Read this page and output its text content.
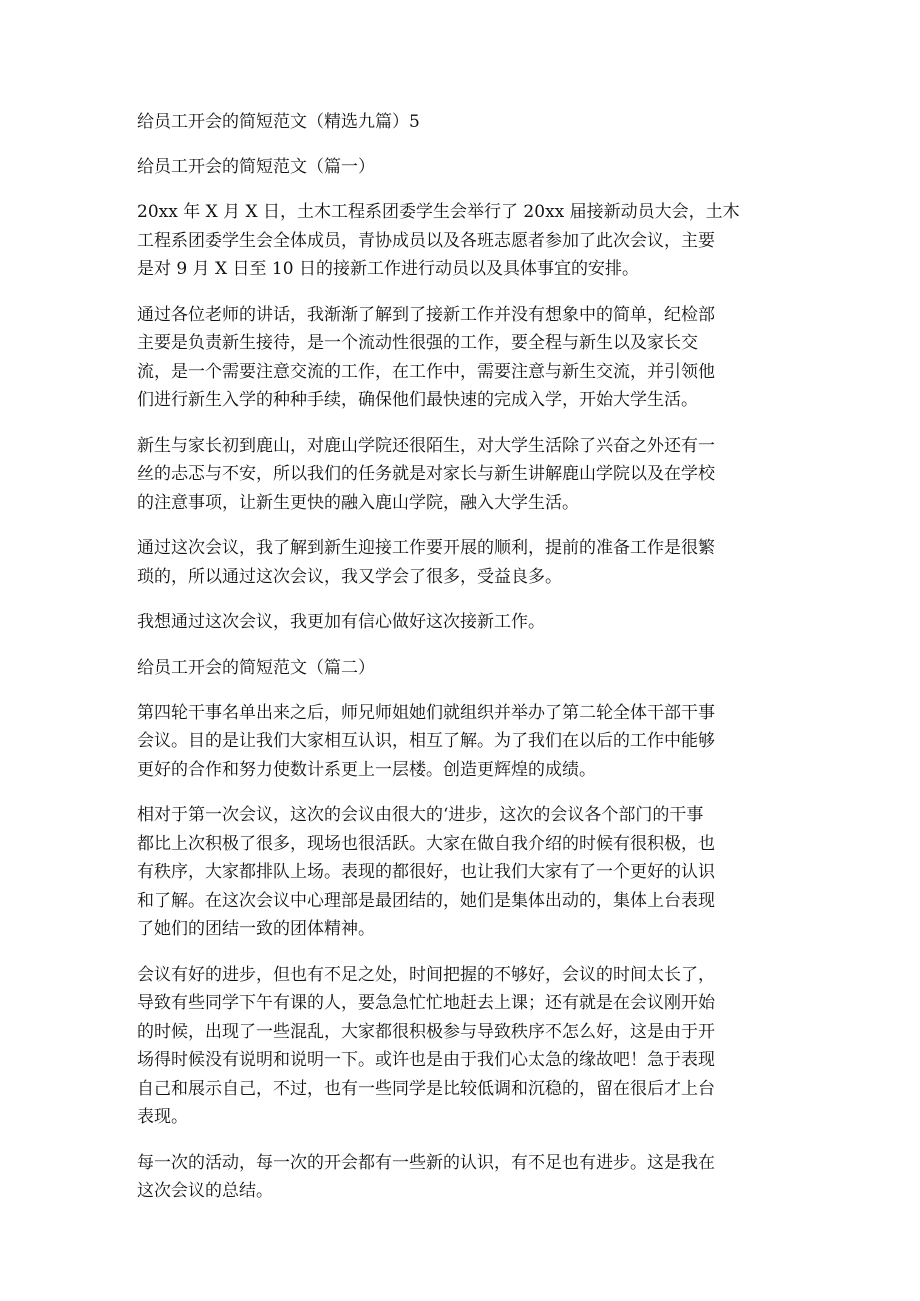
给员工开会的简短范文（精选九篇）5
给员工开会的简短范文（篇一）

20xx 年 X 月 X 日，土木工程系团委学生会举行了 20xx 届接新动员大会，土木
工程系团委学生会全体成员，青协成员以及各班志愿者参加了此次会议，主要
是对 9 月 X 日至 10 日的接新工作进行动员以及具体事宜的安排。

通过各位老师的讲话，我渐渐了解到了接新工作并没有想象中的简单，纪检部
主要是负责新生接待，是一个流动性很强的工作，要全程与新生以及家长交
流，是一个需要注意交流的工作，在工作中，需要注意与新生交流，并引领他
们进行新生入学的种种手续，确保他们最快速的完成入学，开始大学生活。

新生与家长初到鹿山，对鹿山学院还很陌生，对大学生活除了兴奋之外还有一
丝的忐忑与不安，所以我们的任务就是对家长与新生讲解鹿山学院以及在学校
的注意事项，让新生更快的融入鹿山学院，融入大学生活。

通过这次会议，我了解到新生迎接工作要开展的顺利，提前的准备工作是很繁
琐的，所以通过这次会议，我又学会了很多，受益良多。

我想通过这次会议，我更加有信心做好这次接新工作。

给员工开会的简短范文（篇二）

第四轮干事名单出来之后，师兄师姐她们就组织并举办了第二轮全体干部干事
会议。目的是让我们大家相互认识，相互了解。为了我们在以后的工作中能够
更好的合作和努力使数计系更上一层楼。创造更辉煌的成绩。

相对于第一次会议，这次的会议由很大的‘进步，这次的会议各个部门的干事
都比上次积极了很多，现场也很活跃。大家在做自我介绍的时候有很积极，也
有秩序，大家都排队上场。表现的都很好，也让我们大家有了一个更好的认识
和了解。在这次会议中心理部是最团结的，她们是集体出动的，集体上台表现
了她们的团结一致的团体精神。

会议有好的进步，但也有不足之处，时间把握的不够好，会议的时间太长了，
导致有些同学下午有课的人，要急急忙忙地赶去上课；还有就是在会议刚开始
的时候，出现了一些混乱，大家都很积极参与导致秩序不怎么好，这是由于开
场得时候没有说明和说明一下。或许也是由于我们心太急的缘故吧！急于表现
自己和展示自己，不过，也有一些同学是比较低调和沉稳的，留在很后才上台
表现。

每一次的活动，每一次的开会都有一些新的认识，有不足也有进步。这是我在
这次会议的总结。
